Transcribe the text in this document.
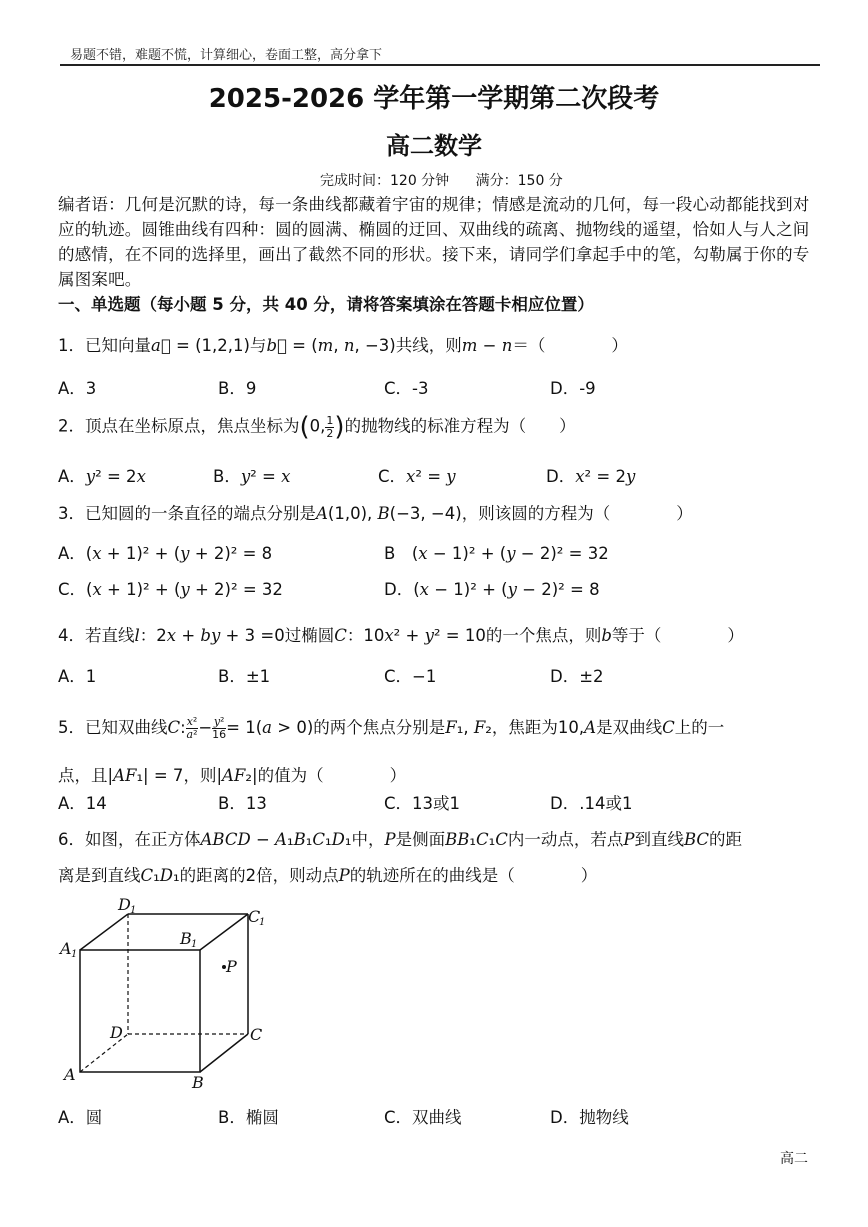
易题不错，难题不慌，计算细心，卷面工整，高分拿下
2025-2026 学年第一学期第二次段考
高二数学
完成时间：120 分钟 满分：150 分
编者语：几何是沉默的诗，每一条曲线都藏着宇宙的规律；情感是流动的几何，每一段心动都能找到对应的轨迹。圆锥曲线有四种：圆的圆满、椭圆的迂回、双曲线的疏离、抛物线的遥望，恰如人与人之间的感情，在不同的选择里，画出了截然不同的形状。接下来，请同学们拿起手中的笔，勾勒属于你的专属图案吧。
一、单选题（每小题 5 分，共 40 分，请将答案填涂在答题卡相应位置）
1．已知向量a⃗ = (1,2,1)与b⃗ = (m, n, −3)共线，则m − n＝（　　　　）
A．3	B．9	C．-3	D．-9
2．顶点在坐标原点，焦点坐标为(0, $\frac{1}{2}$ )的抛物线的标准方程为（　　）
A．y² = 2x	B．y² = x	C．x² = y	D．x² = 2y
3．已知圆的一条直径的端点分别是A(1,0), B(−3, −4)，则该圆的方程为（　　　　）
A．(x + 1)² + (y + 2)² = 8	B　(x − 1)² + (y − 2)² = 32
C．(x + 1)² + (y + 2)² = 32	D．(x − 1)² + (y − 2)² = 8
4．若直线l：2x + by + 3 =0过椭圆C：10x² + y² = 10的一个焦点，则b等于（　　　　）
A．1	B．±1	C．−1	D．±2
5．已知双曲线C: $\frac{\text{x²}}{\text{a²}} - \frac{\text{y²}}{16} = 1(a > 0)$的两个焦点分别是F₁, F₂，焦距为10,A是双曲线C上的一
点，且|AF₁| = 7，则|AF₂|的值为（　　　　）
A．14	B．13	C．13或1	D．.14或1
6．如图，在正方体ABCD − A₁B₁C₁D₁中，P是侧面BB₁C₁C内一动点，若点P到直线BC的距
离是到直线C₁D₁的距离的2倍，则动点P的轨迹所在的曲线是（　　　　）
D 1	C
1
A 1
B 1
P
D	C
A	B
A．圆	B．椭圆	C．双曲线	D．抛物线
高二
